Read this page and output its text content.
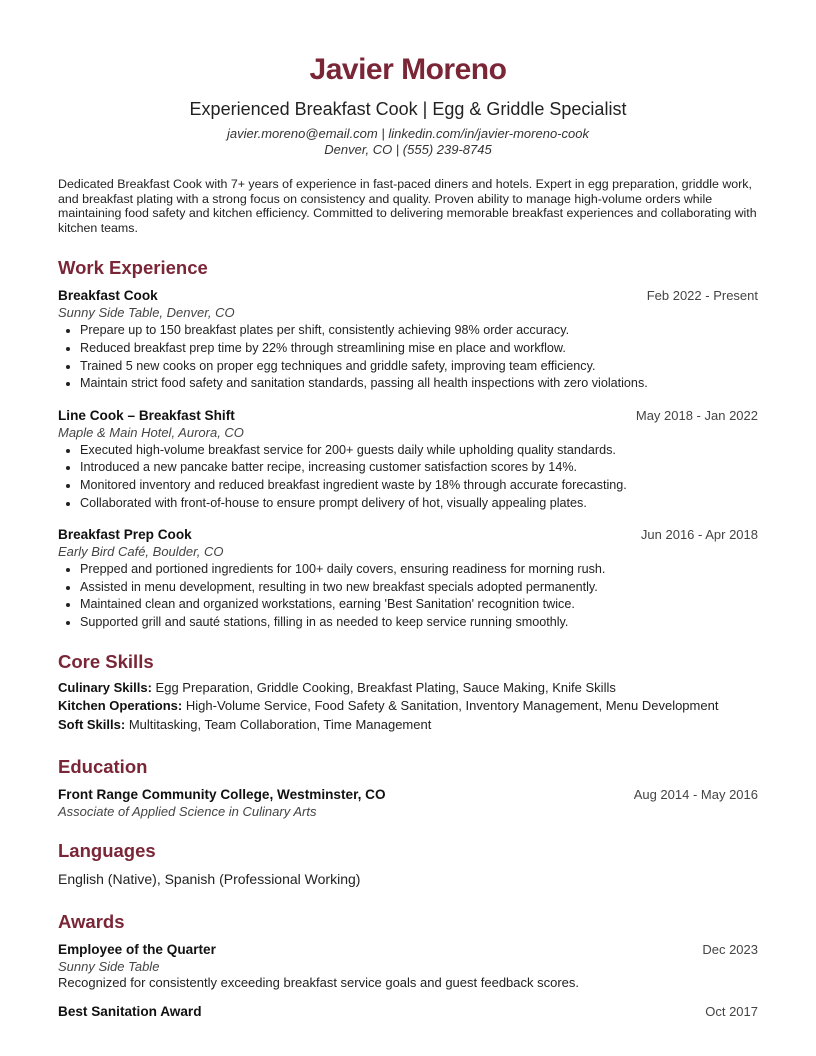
Javier Moreno
Experienced Breakfast Cook | Egg & Griddle Specialist
javier.moreno@email.com | linkedin.com/in/javier-moreno-cook
Denver, CO | (555) 239-8745
Dedicated Breakfast Cook with 7+ years of experience in fast-paced diners and hotels. Expert in egg preparation, griddle work, and breakfast plating with a strong focus on consistency and quality. Proven ability to manage high-volume orders while maintaining food safety and kitchen efficiency. Committed to delivering memorable breakfast experiences and collaborating with kitchen teams.
Work Experience
Breakfast Cook	Feb 2022 - Present
Sunny Side Table, Denver, CO
• Prepare up to 150 breakfast plates per shift, consistently achieving 98% order accuracy.
• Reduced breakfast prep time by 22% through streamlining mise en place and workflow.
• Trained 5 new cooks on proper egg techniques and griddle safety, improving team efficiency.
• Maintain strict food safety and sanitation standards, passing all health inspections with zero violations.
Line Cook – Breakfast Shift	May 2018 - Jan 2022
Maple & Main Hotel, Aurora, CO
• Executed high-volume breakfast service for 200+ guests daily while upholding quality standards.
• Introduced a new pancake batter recipe, increasing customer satisfaction scores by 14%.
• Monitored inventory and reduced breakfast ingredient waste by 18% through accurate forecasting.
• Collaborated with front-of-house to ensure prompt delivery of hot, visually appealing plates.
Breakfast Prep Cook	Jun 2016 - Apr 2018
Early Bird Café, Boulder, CO
• Prepped and portioned ingredients for 100+ daily covers, ensuring readiness for morning rush.
• Assisted in menu development, resulting in two new breakfast specials adopted permanently.
• Maintained clean and organized workstations, earning 'Best Sanitation' recognition twice.
• Supported grill and sauté stations, filling in as needed to keep service running smoothly.
Core Skills
Culinary Skills: Egg Preparation, Griddle Cooking, Breakfast Plating, Sauce Making, Knife Skills
Kitchen Operations: High-Volume Service, Food Safety & Sanitation, Inventory Management, Menu Development
Soft Skills: Multitasking, Team Collaboration, Time Management
Education
Front Range Community College, Westminster, CO	Aug 2014 - May 2016
Associate of Applied Science in Culinary Arts
Languages
English (Native), Spanish (Professional Working)
Awards
Employee of the Quarter	Dec 2023
Sunny Side Table
Recognized for consistently exceeding breakfast service goals and guest feedback scores.
Best Sanitation Award	Oct 2017
